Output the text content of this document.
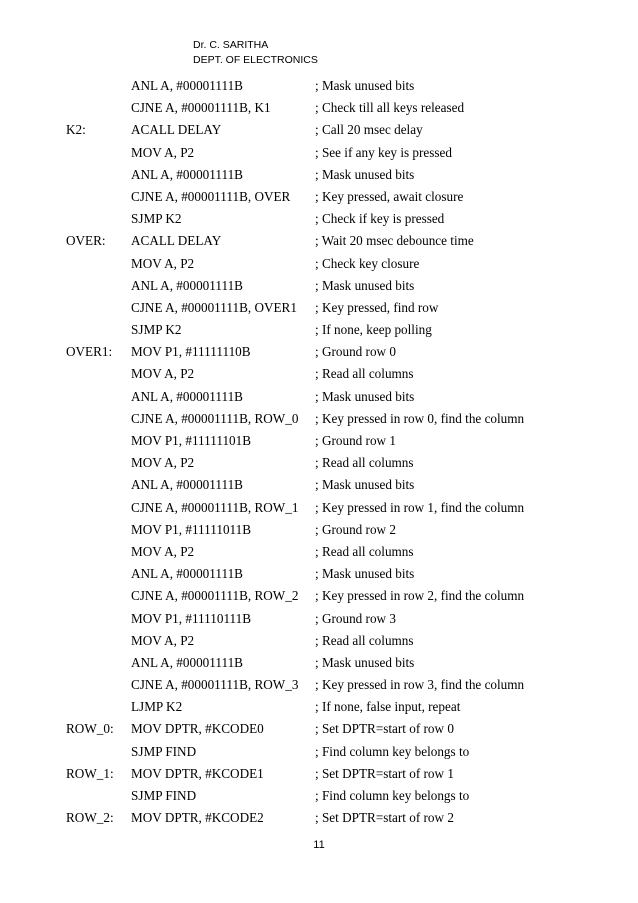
Dr. C. SARITHA
DEPT. OF ELECTRONICS
ANL A, #00001111B	; Mask unused bits
CJNE A, #00001111B, K1	; Check till all keys released
K2:	ACALL DELAY	; Call 20 msec delay
MOV A, P2	; See if any key is pressed
ANL A, #00001111B	; Mask unused bits
CJNE A, #00001111B, OVER ; Key pressed, await closure
SJMP K2	; Check if key is pressed
OVER: ACALL DELAY	; Wait 20 msec debounce time
MOV A, P2	; Check key closure
ANL A, #00001111B	; Mask unused bits
CJNE A, #00001111B, OVER1 ; Key pressed, find row
SJMP K2	; If none, keep polling
OVER1: MOV P1, #11111110B	; Ground row 0
MOV A, P2	; Read all columns
ANL A, #00001111B	; Mask unused bits
CJNE A, #00001111B, ROW_0 ; Key pressed in row 0, find the column
MOV P1, #11111101B	; Ground row 1
MOV A, P2	; Read all columns
ANL A, #00001111B	; Mask unused bits
CJNE A, #00001111B, ROW_1 ; Key pressed in row 1, find the column
MOV P1, #11111011B	; Ground row 2
MOV A, P2	; Read all columns
ANL A, #00001111B	; Mask unused bits
CJNE A, #00001111B, ROW_2 ; Key pressed in row 2, find the column
MOV P1, #11110111B	; Ground row 3
MOV A, P2	; Read all columns
ANL A, #00001111B	; Mask unused bits
CJNE A, #00001111B, ROW_3 ; Key pressed in row 3, find the column
LJMP K2	; If none, false input, repeat
ROW_0: MOV DPTR, #KCODE0	; Set DPTR=start of row 0
SJMP FIND	; Find column key belongs to
ROW_1: MOV DPTR, #KCODE1	; Set DPTR=start of row 1
SJMP FIND	; Find column key belongs to
ROW_2: MOV DPTR, #KCODE2	; Set DPTR=start of row 2
11
